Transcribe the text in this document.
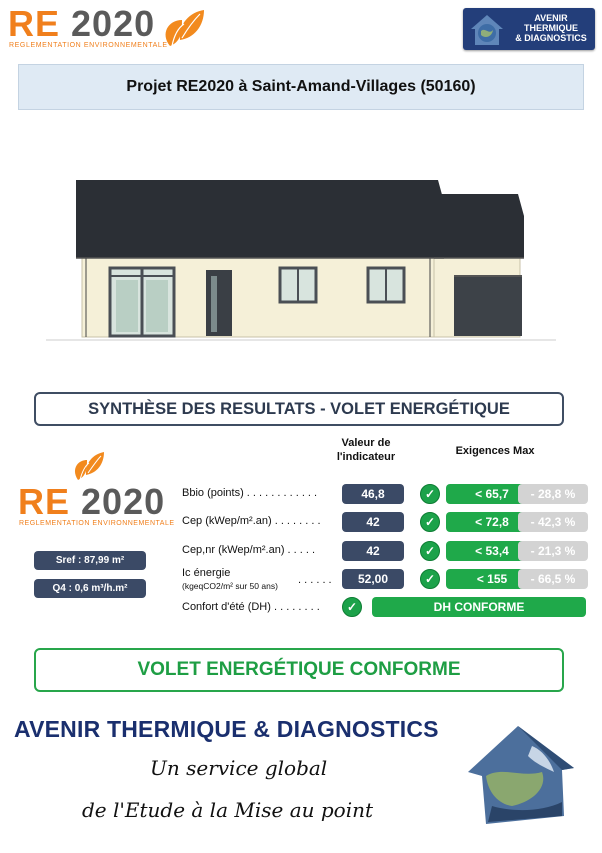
RE 2020
REGLEMENTATION ENVIRONNEMENTALE
AVENIR
THERMIQUE
& DIAGNOSTICS
Projet RE2020 à Saint-Amand-Villages (50160)
SYNTHÈSE DES RESULTATS - VOLET ENERGÉTIQUE
Valeur de
l'indicateur	Exigences Max
RE 2020
REGLEMENTATION ENVIRONNEMENTALE
Sref : 87,99 m²
Q4 : 0,6 m³/h.m²
Bbio (points) . . . . . . . . . . . .	46,8	✓	< 65,7	- 28,8 %
Cep (kWep/m².an) . . . . . . . .	42	✓	< 72,8	- 42,3 %
Cep,nr (kWep/m².an) . . . . .	42	✓	< 53,4	- 21,3 %
Ic énergie
(kgeqCO2/m² sur 50 ans) . . . . . .	52,00	✓	< 155	- 66,5 %
Confort d'été (DH) . . . . . . . .	✓	DH CONFORME
VOLET ENERGÉTIQUE CONFORME
AVENIR THERMIQUE & DIAGNOSTICS
Un service global
de l'Etude à la Mise au point
